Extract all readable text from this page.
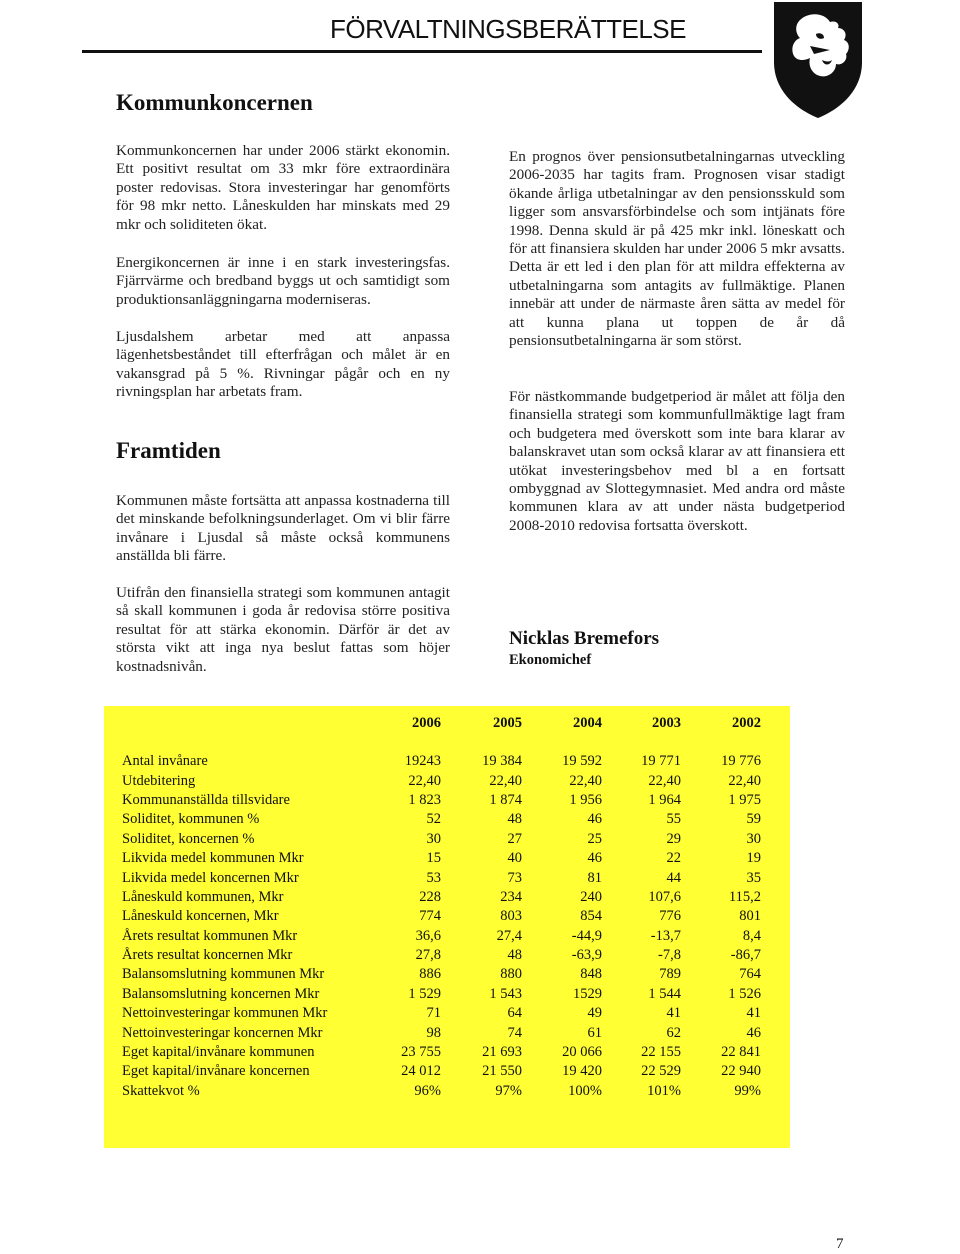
FÖRVALTNINGSBERÄTTELSE
Kommunkoncernen

Kommunkoncernen har under 2006 stärkt ekonomin. Ett positivt resultat om 33 mkr före extraordinära poster redovisas. Stora investeringar har genomförts för 98 mkr netto. Låneskulden har minskats med 29 mkr och soliditeten ökat.

Energikoncernen är inne i en stark investeringsfas. Fjärrvärme och bredband byggs ut och samtidigt som produktionsanläggningarna moderniseras.

Ljusdalshem arbetar med att anpassa lägenhetsbeståndet till efterfrågan och målet är en vakansgrad på 5 %. Rivningar pågår och en ny rivningsplan har arbetats fram.

Framtiden

Kommunen måste fortsätta att anpassa kostnaderna till det minskande befolkningsunderlaget. Om vi blir färre invånare i Ljusdal så måste också kommunens anställda bli färre.

Utifrån den finansiella strategi som kommunen antagit så skall kommunen i goda år redovisa större positiva resultat för att stärka ekonomin. Därför är det av största vikt att inga nya beslut fattas som höjer kostnadsnivån.

En prognos över pensionsutbetalningarnas utveckling 2006-2035 har tagits fram. Prognosen visar stadigt ökande årliga utbetalningar av den pensionsskuld som ligger som ansvarsförbindelse och som intjänats före 1998. Denna skuld är på 425 mkr inkl. löneskatt och för att finansiera skulden har under 2006 5 mkr avsatts. Detta är ett led i den plan för att mildra effekterna av utbetalningarna som antagits av fullmäktige. Planen innebär att under de närmaste åren sätta av medel för att kunna plana ut toppen de år då pensionsutbetalningarna är som störst.

För nästkommande budgetperiod är målet att följa den finansiella strategi som kommunfullmäktige lagt fram och budgetera med överskott som inte bara klarar av balanskravet utan som också klarar av att finansiera ett utökat investeringsbehov med bl a en fortsatt ombyggnad av Slottegymnasiet. Med andra ord måste kommunen klara av att under nästa budgetperiod 2008-2010 redovisa fortsatta överskott.

Nicklas Bremefors
Ekonomichef
	2006	2005	2004	2003	2002

Antal invånare	19243	19 384	19 592	19 771	19 776
Utdebitering	22,40	22,40	22,40	22,40	22,40
Kommunanställda tillsvidare	1 823	1 874	1 956	1 964	1 975
Soliditet, kommunen %	52	48	46	55	59
Soliditet, koncernen %	30	27	25	29	30
Likvida medel kommunen Mkr	15	40	46	22	19
Likvida medel koncernen Mkr	53	73	81	44	35
Låneskuld kommunen, Mkr	228	234	240	107,6	115,2
Låneskuld koncernen, Mkr	774	803	854	776	801
Årets resultat kommunen Mkr	36,6	27,4	-44,9	-13,7	8,4
Årets resultat koncernen Mkr	27,8	48	-63,9	-7,8	-86,7
Balansomslutning kommunen Mkr	886	880	848	789	764
Balansomslutning koncernen Mkr	1 529	1 543	1529	1 544	1 526
Nettoinvesteringar kommunen Mkr	71	64	49	41	41
Nettoinvesteringar koncernen Mkr	98	74	61	62	46
Eget kapital/invånare kommunen	23 755	21 693	20 066	22 155	22 841
Eget kapital/invånare koncernen	24 012	21 550	19 420	22 529	22 940
Skattekvot %	96%	97%	100%	101%	99%
7
